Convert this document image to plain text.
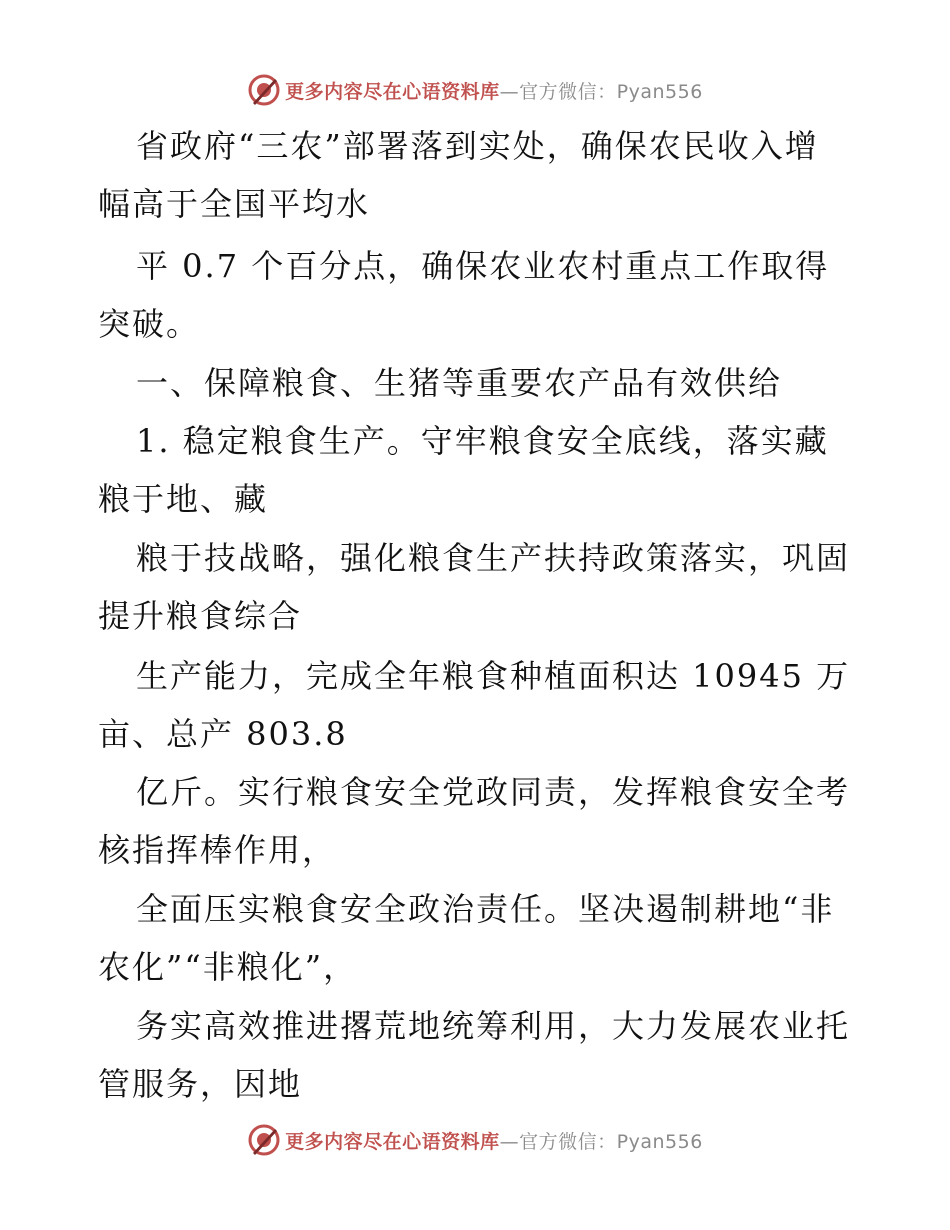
更多内容尽在心语资料库 —官方微信：Pyan556
省政府“三农”部署落到实处，确保农民收入增
幅高于全国平均水
平 0.7 个百分点，确保农业农村重点工作取得
突破。
一、保障粮食、生猪等重要农产品有效供给
1. 稳定粮食生产。守牢粮食安全底线，落实藏
粮于地、藏
粮于技战略，强化粮食生产扶持政策落实，巩固
提升粮食综合
生产能力，完成全年粮食种植面积达 10945 万
亩、总产 803.8
亿斤。实行粮食安全党政同责，发挥粮食安全考
核指挥棒作用，
全面压实粮食安全政治责任。坚决遏制耕地“非
农化”“非粮化”，
务实高效推进撂荒地统筹利用，大力发展农业托
管服务，因地
更多内容尽在心语资料库 —官方微信：Pyan556
